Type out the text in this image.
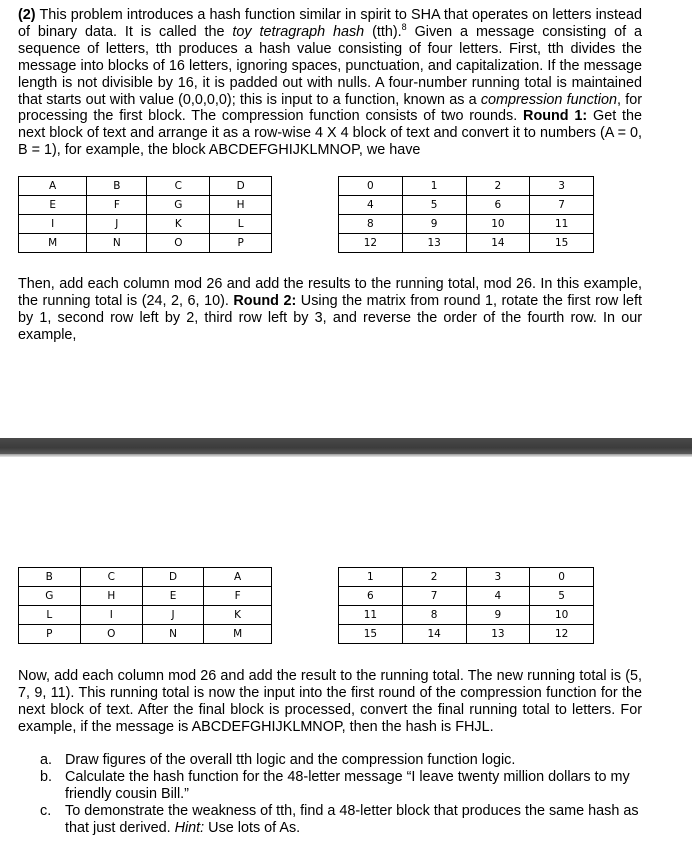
(2) This problem introduces a hash function similar in spirit to SHA that operates on letters instead of binary data. It is called the toy tetragraph hash (tth).$^8$ Given a message consisting of a sequence of letters, tth produces a hash value consisting of four letters. First, tth divides the message into blocks of 16 letters, ignoring spaces, punctuation, and capitalization. If the message length is not divisible by 16, it is padded out with nulls. A four-number running total is maintained that starts out with value (0,0,0,0); this is input to a function, known as a compression function, for processing the first block. The compression function consists of two rounds. Round 1: Get the next block of text and arrange it as a row-wise 4 X 4 block of text and convert it to numbers (A = 0, B = 1), for example, the block ABCDEFGHIJKLMNOP, we have

A	B	C	D
E	F	G	H
I	J	K	L
M	N	O	P
0	1	2	3
4	5	6	7
8	9	10	11
12	13	14	15

Then, add each column mod 26 and add the results to the running total, mod 26. In this example, the running total is (24, 2, 6, 10). Round 2: Using the matrix from round 1, rotate the first row left by 1, second row left by 2, third row left by 3, and reverse the order of the fourth row. In our example,

B	C	D	A
G	H	E	F
L	I	J	K
P	O	N	M
1	2	3	0
6	7	4	5
11	8	9	10
15	14	13	12

Now, add each column mod 26 and add the result to the running total. The new running total is (5, 7, 9, 11). This running total is now the input into the first round of the compression function for the next block of text. After the final block is processed, convert the final running total to letters. For example, if the message is ABCDEFGHIJKLMNOP, then the hash is FHJL.

a. Draw figures of the overall tth logic and the compression function logic.
b. Calculate the hash function for the 48-letter message “I leave twenty million dollars to my friendly cousin Bill.”
c. To demonstrate the weakness of tth, find a 48-letter block that produces the same hash as that just derived. Hint: Use lots of As.
